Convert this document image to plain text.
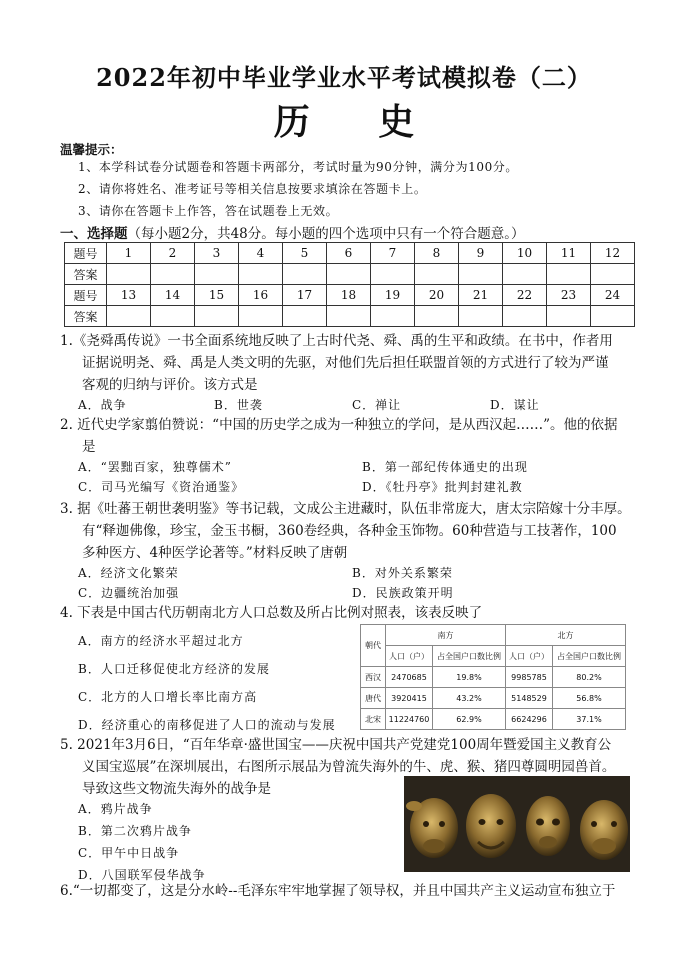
2022年初中毕业学业水平考试模拟卷（二）
历 史
温馨提示：
1、本学科试卷分试题卷和答题卡两部分，考试时量为90分钟，满分为100分。
2、请你将姓名、准考证号等相关信息按要求填涂在答题卡上。
3、请你在答题卡上作答，答在试题卷上无效。
一、选择题（每小题2分，共48分。每小题的四个选项中只有一个符合题意。）
题号	1	2	3	4	5	6	7	8	9	10	11	12
答案												
题号	13	14	15	16	17	18	19	20	21	22	23	24
答案												
1.《尧舜禹传说》一书全面系统地反映了上古时代尧、舜、禹的生平和政绩。在书中，作者用
证据说明尧、舜、禹是人类文明的先驱，对他们先后担任联盟首领的方式进行了较为严谨
客观的归纳与评价。该方式是
A．战争	B．世袭	C．禅让	D．谋让
2. 近代史学家翦伯赞说：“中国的历史学之成为一种独立的学问，是从西汉起……”。他的依据
是
A．“罢黜百家，独尊儒术”	B．第一部纪传体通史的出现
C．司马光编写《资治通鉴》	D．《牡丹亭》批判封建礼教
3. 据《吐蕃王朝世袭明鉴》等书记载，文成公主进藏时，队伍非常庞大，唐太宗陪嫁十分丰厚。
有“释迦佛像，珍宝，金玉书橱，360卷经典，各种金玉饰物。60种营造与工技著作，100
多种医方、4种医学论著等。”材料反映了唐朝
A．经济文化繁荣	B．对外关系繁荣
C．边疆统治加强	D．民族政策开明
4. 下表是中国古代历朝南北方人口总数及所占比例对照表，该表反映了
A．南方的经济水平超过北方
B．人口迁移促使北方经济的发展
C．北方的人口增长率比南方高
D．经济重心的南移促进了人口的流动与发展
朝代	南方		北方	
	人口（户）	占全国户口数比例	人口（户）	占全国户口数比例
西汉	2470685	19.8%	9985785	80.2%
唐代	3920415	43.2%	5148529	56.8%
北宋	11224760	62.9%	6624296	37.1%
5. 2021年3月6日，“百年华章·盛世国宝——庆祝中国共产党建党100周年暨爱国主义教育公
义国宝巡展”在深圳展出，右图所示展品为曾流失海外的牛、虎、猴、猪四尊圆明园兽首。
导致这些文物流失海外的战争是
A．鸦片战争
B．第二次鸦片战争
C．甲午中日战争
D．八国联军侵华战争
6.“一切都变了，这是分水岭--毛泽东牢牢地掌握了领导权，并且中国共产主义运动宣布独立于
